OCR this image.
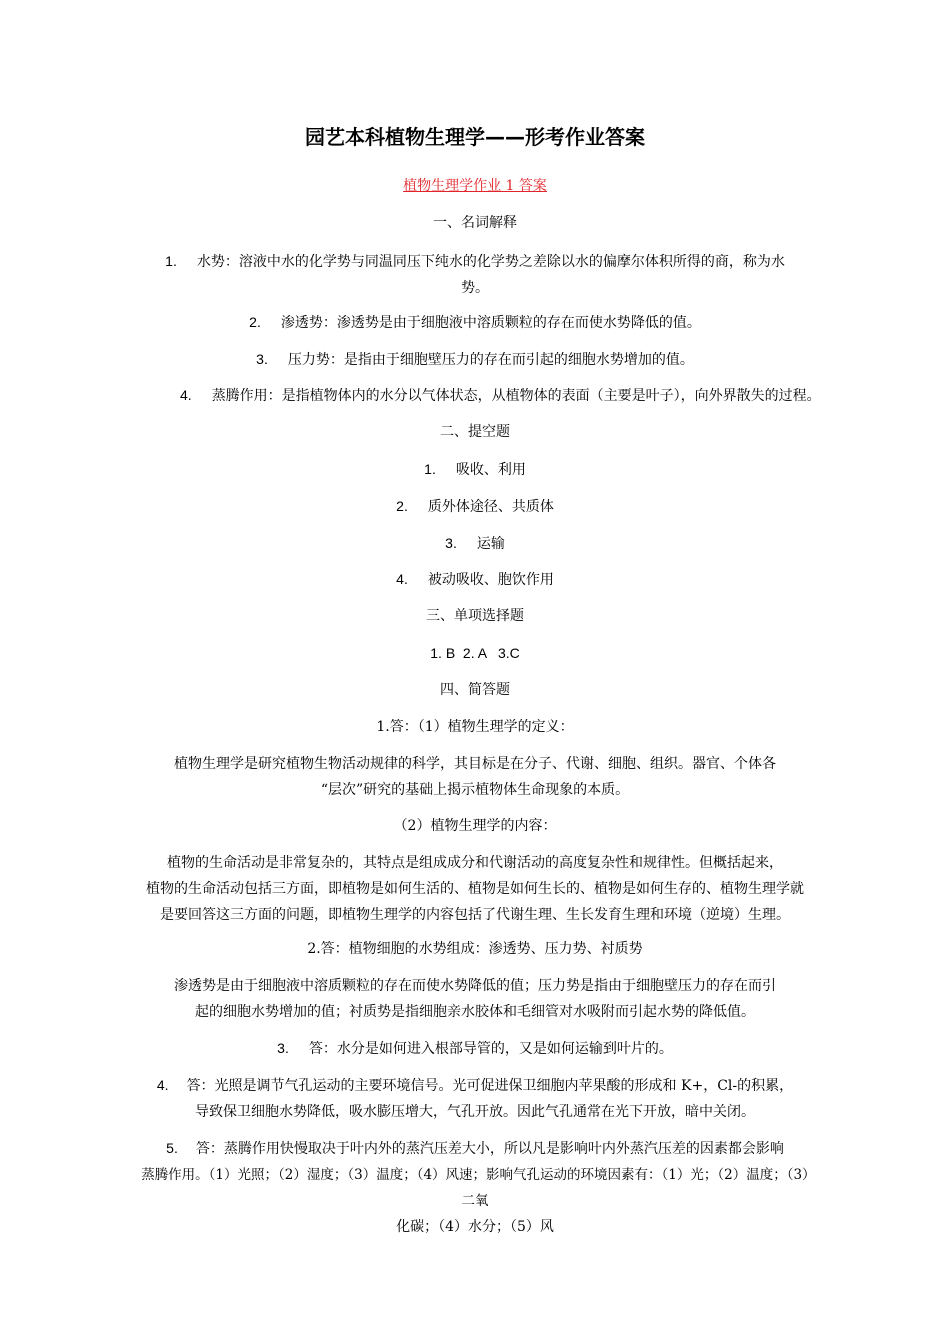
园艺本科植物生理学——形考作业答案
植物生理学作业 1 答案
一、名词解释
1. 水势：溶液中水的化学势与同温同压下纯水的化学势之差除以水的偏摩尔体积所得的商，称为水
势。
2. 渗透势：渗透势是由于细胞液中溶质颗粒的存在而使水势降低的值。
3. 压力势：是指由于细胞壁压力的存在而引起的细胞水势增加的值。
4. 蒸腾作用：是指植物体内的水分以气体状态，从植物体的表面（主要是叶子），向外界散失的过程。
二、提空题
1. 吸收、利用
2. 质外体途径、共质体
3. 运输
4. 被动吸收、胞饮作用
三、单项选择题
1. B  2. A   3.C
四、简答题
1.答：（1）植物生理学的定义：
植物生理学是研究植物生物活动规律的科学，其目标是在分子、代谢、细胞、组织。器官、个体各
“层次”研究的基础上揭示植物体生命现象的本质。
（2）植物生理学的内容：
植物的生命活动是非常复杂的，其特点是组成成分和代谢活动的高度复杂性和规律性。但概括起来，
植物的生命活动包括三方面，即植物是如何生活的、植物是如何生长的、植物是如何生存的、植物生理学就
是要回答这三方面的问题，即植物生理学的内容包括了代谢生理、生长发育生理和环境（逆境）生理。
2.答：植物细胞的水势组成：渗透势、压力势、衬质势
渗透势是由于细胞液中溶质颗粒的存在而使水势降低的值；压力势是指由于细胞壁压力的存在而引
起的细胞水势增加的值；衬质势是指细胞亲水胶体和毛细管对水吸附而引起水势的降低值。
3. 答：水分是如何进入根部导管的，又是如何运输到叶片的。
4. 答：光照是调节气孔运动的主要环境信号。光可促进保卫细胞内苹果酸的形成和 K+，Cl-的积累，
导致保卫细胞水势降低，吸水膨压增大，气孔开放。因此气孔通常在光下开放，暗中关闭。
5. 答：蒸腾作用快慢取决于叶内外的蒸汽压差大小，所以凡是影响叶内外蒸汽压差的因素都会影响
蒸腾作用。（1）光照；（2）湿度；（3）温度；（4）风速；影响气孔运动的环境因素有：（1）光；（2）温度；（3）二氧
化碳；（4）水分；（5）风
